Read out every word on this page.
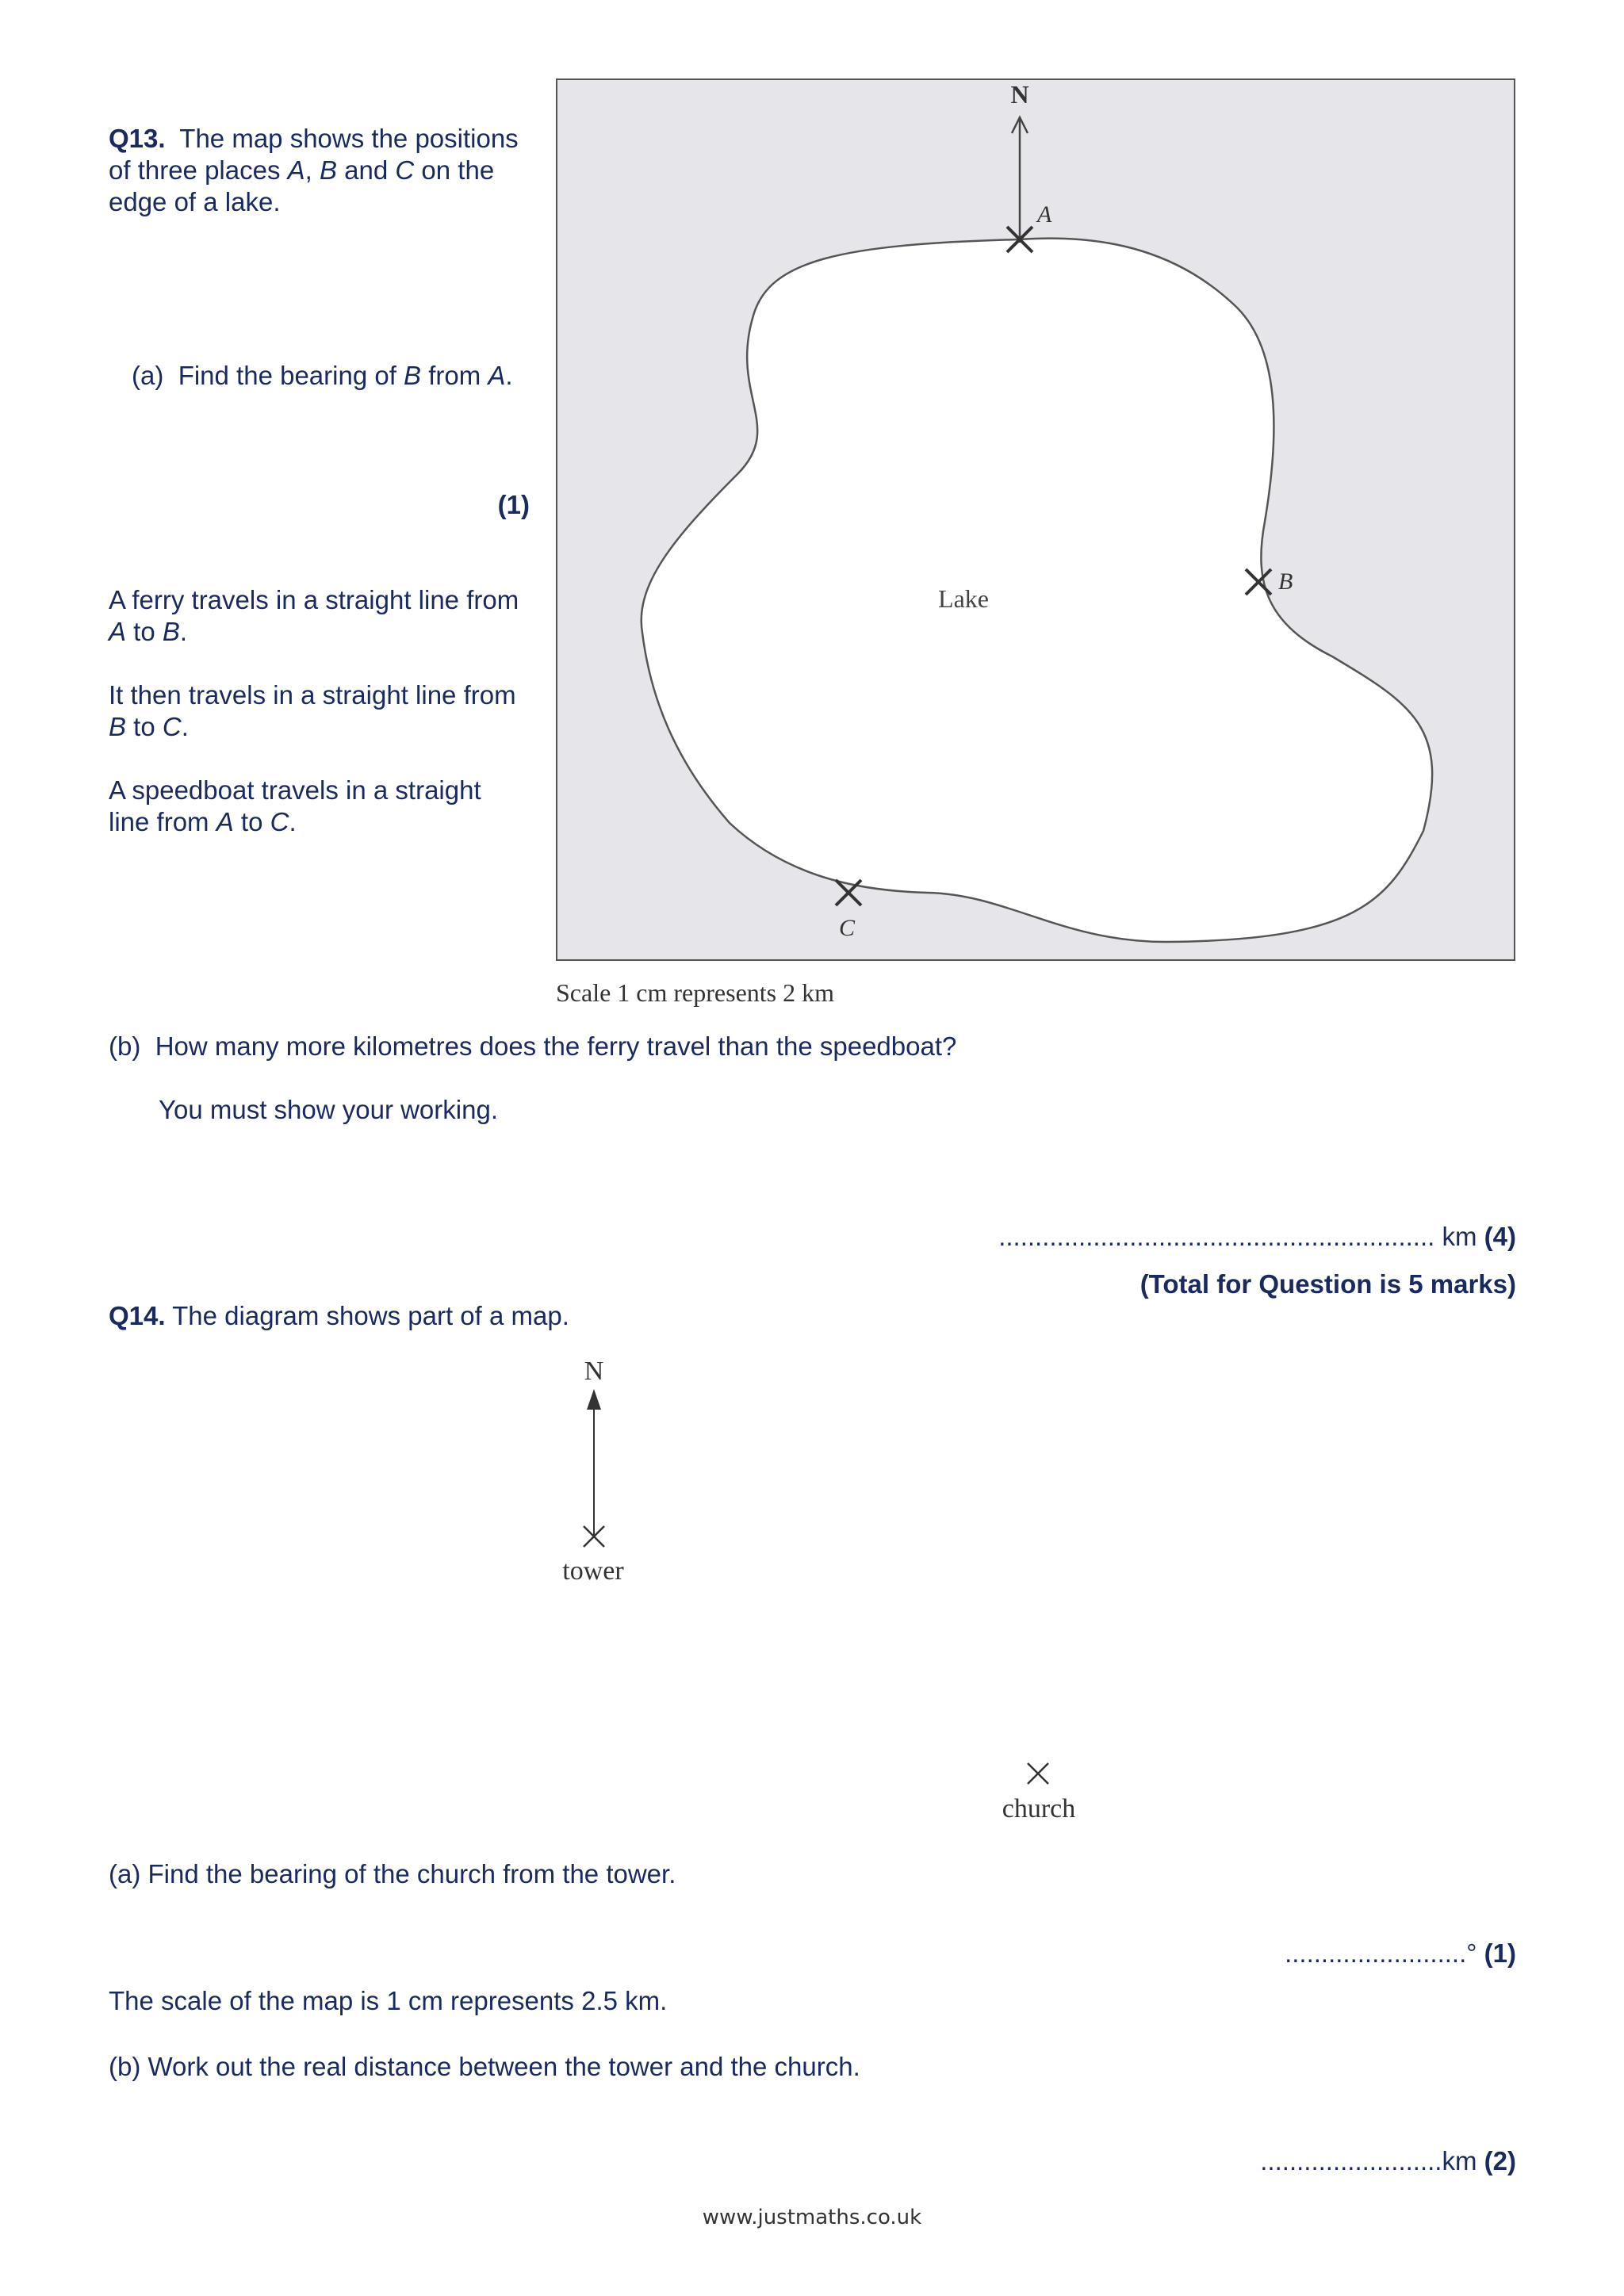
Q13. The map shows the positions of three places A, B and C on the edge of a lake.
(a) Find the bearing of B from A.
(1)
A ferry travels in a straight line from A to B.
It then travels in a straight line from B to C.
A speedboat travels in a straight line from A to C.
N
A
B
C
Lake
Scale 1 cm represents 2 km
(b) How many more kilometres does the ferry travel than the speedboat?
You must show your working.
............................................................ km (4)
(Total for Question is 5 marks)
Q14. The diagram shows part of a map.
N
tower
church
(a) Find the bearing of the church from the tower.
.........................° (1)
The scale of the map is 1 cm represents 2.5 km.
(b) Work out the real distance between the tower and the church.
.........................km (2)
www.justmaths.co.uk
